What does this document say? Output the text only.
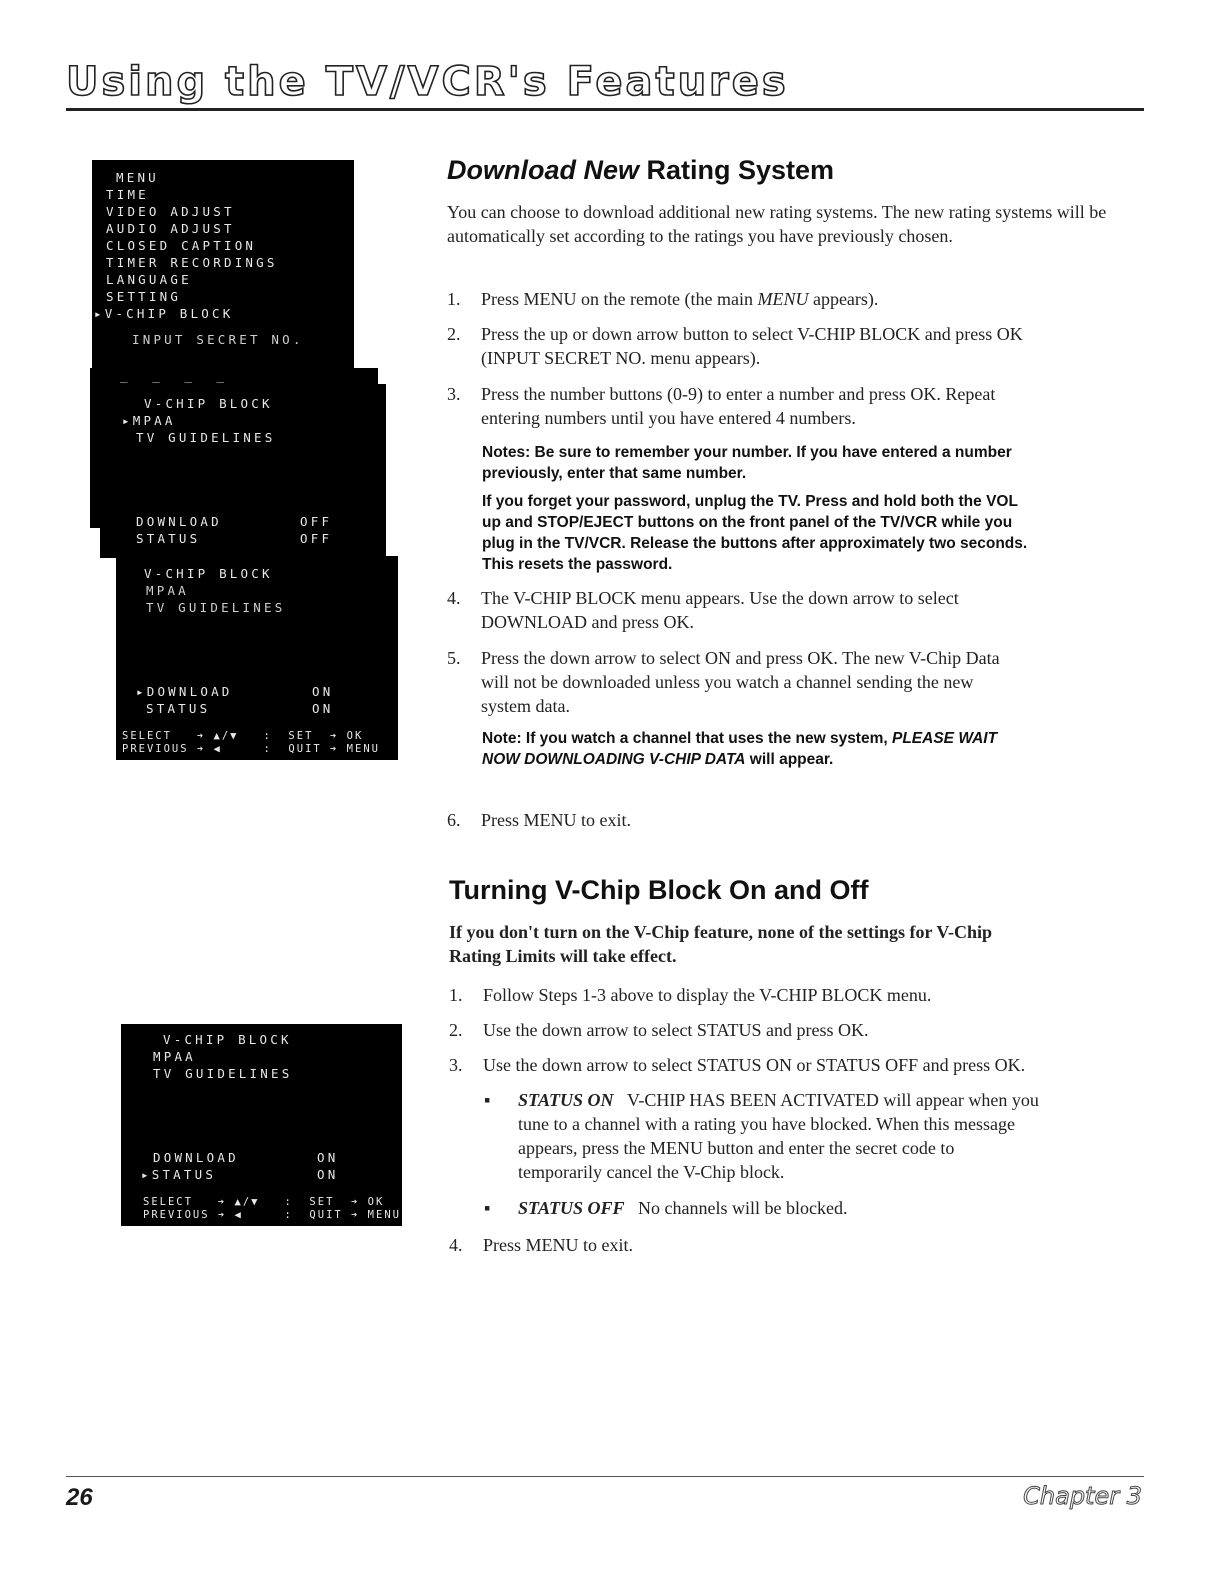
Using the TV/VCR's Features
MENU
TIME
VIDEO ADJUST
AUDIO ADJUST
CLOSED CAPTION
TIMER RECORDINGS
LANGUAGE
SETTING
▸V-CHIP BLOCK
INPUT SECRET NO.
_  _  _  _
V-CHIP BLOCK
▸MPAA
TV GUIDELINES
DOWNLOAD	OFF
STATUS	OFF
V-CHIP BLOCK
MPAA
TV GUIDELINES
▸DOWNLOAD	ON
STATUS	ON
SELECT   ➔ ▲/▼   :  SET  ➔ OK
PREVIOUS ➔ ◀     :  QUIT ➔ MENU
V-CHIP BLOCK
MPAA
TV GUIDELINES
DOWNLOAD	ON
▸STATUS	ON
SELECT   ➔ ▲/▼   :  SET  ➔ OK
PREVIOUS ➔ ◀     :  QUIT ➔ MENU
Download New Rating System
You can choose to download additional new rating systems. The new rating systems will be automatically set according to the ratings you have previously chosen.
1. Press MENU on the remote (the main MENU appears).
2. Press the up or down arrow button to select V-CHIP BLOCK and press OK
(INPUT SECRET NO. menu appears).
3. Press the number buttons (0-9) to enter a number and press OK. Repeat
entering numbers until you have entered 4 numbers.
Notes: Be sure to remember your number. If you have entered a number
previously, enter that same number.
If you forget your password, unplug the TV. Press and hold both the VOL
up and STOP/EJECT buttons on the front panel of the TV/VCR while you
plug in the TV/VCR. Release the buttons after approximately two seconds.
This resets the password.
4. The V-CHIP BLOCK menu appears. Use the down arrow to select
DOWNLOAD and press OK.
5. Press the down arrow to select ON and press OK. The new V-Chip Data
will not be downloaded unless you watch a channel sending the new
system data.
Note: If you watch a channel that uses the new system, PLEASE WAIT
NOW DOWNLOADING V-CHIP DATA will appear.
6. Press MENU to exit.
Turning V-Chip Block On and Off
If you don't turn on the V-Chip feature, none of the settings for V-Chip
Rating Limits will take effect.
1. Follow Steps 1-3 above to display the V-CHIP BLOCK menu.
2. Use the down arrow to select STATUS and press OK.
3. Use the down arrow to select STATUS ON or STATUS OFF and press OK.
▪ STATUS ON V-CHIP HAS BEEN ACTIVATED will appear when you
tune to a channel with a rating you have blocked. When this message
appears, press the MENU button and enter the secret code to
temporarily cancel the V-Chip block.
▪ STATUS OFF No channels will be blocked.
4. Press MENU to exit.
26	Chapter 3
